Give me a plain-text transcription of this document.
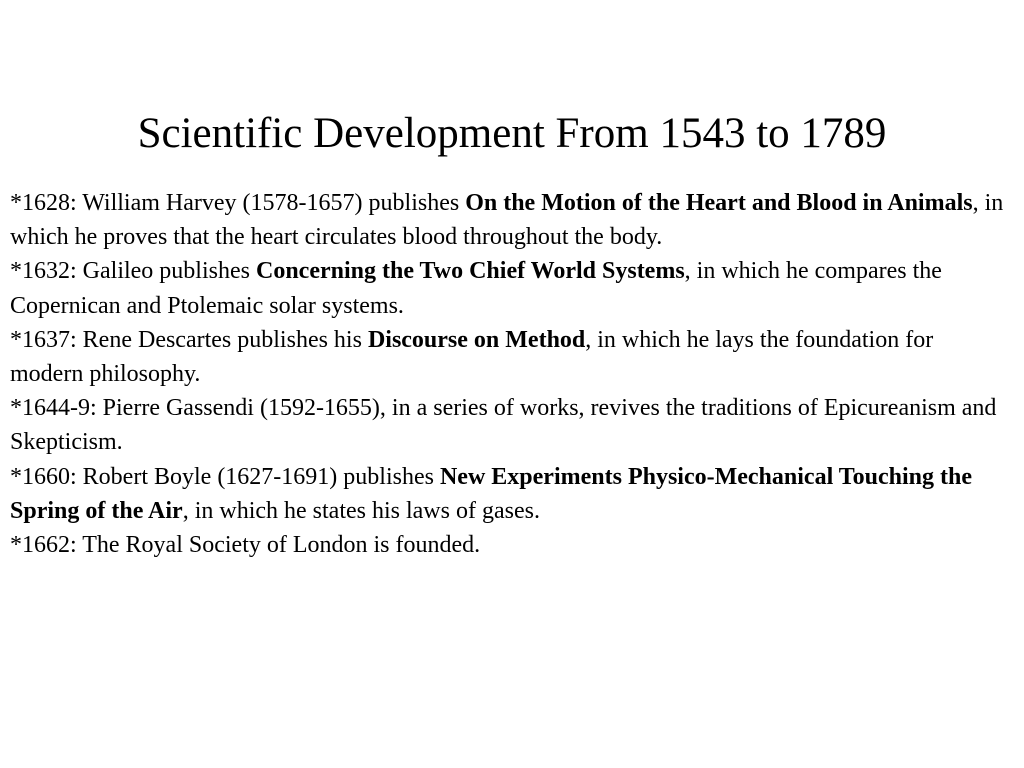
Scientific Development From 1543 to 1789

*1628: William Harvey (1578-1657) publishes On the Motion of the Heart and Blood in Animals, in which he proves that the heart circulates blood throughout the body.

*1632: Galileo publishes Concerning the Two Chief World Systems, in which he compares the Copernican and Ptolemaic solar systems.

*1637: Rene Descartes publishes his Discourse on Method, in which he lays the foundation for modern philosophy.

*1644-9: Pierre Gassendi (1592-1655), in a series of works, revives the traditions of Epicureanism and Skepticism.

*1660: Robert Boyle (1627-1691) publishes New Experiments Physico-Mechanical Touching the Spring of the Air, in which he states his laws of gases.

*1662: The Royal Society of London is founded.
